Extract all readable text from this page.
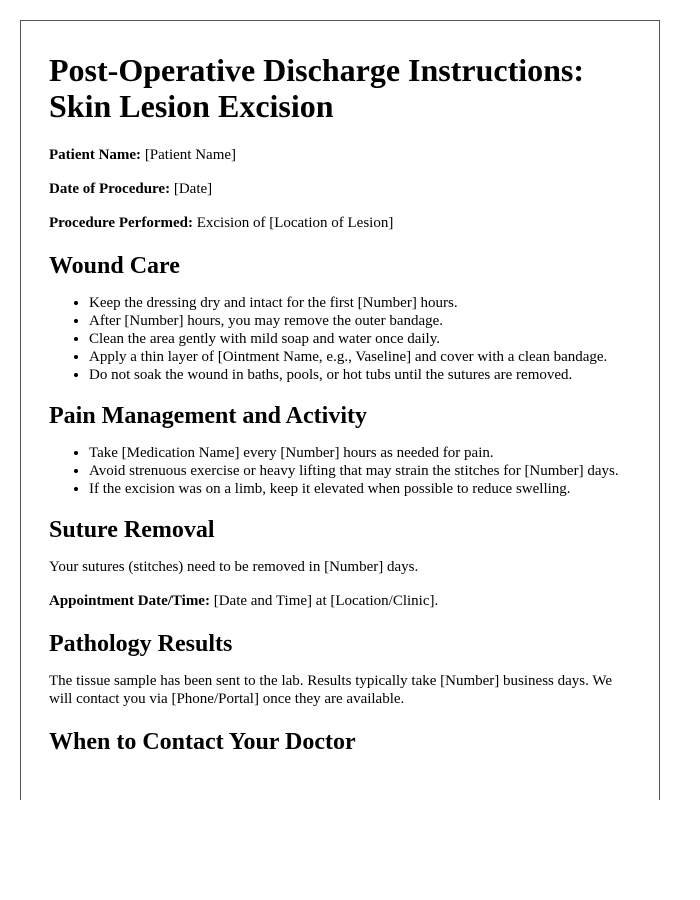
Post-Operative Discharge Instructions: Skin Lesion Excision

Patient Name: [Patient Name]

Date of Procedure: [Date]

Procedure Performed: Excision of [Location of Lesion]

Wound Care
• Keep the dressing dry and intact for the first [Number] hours.
• After [Number] hours, you may remove the outer bandage.
• Clean the area gently with mild soap and water once daily.
• Apply a thin layer of [Ointment Name, e.g., Vaseline] and cover with a clean bandage.
• Do not soak the wound in baths, pools, or hot tubs until the sutures are removed.
Pain Management and Activity
• Take [Medication Name] every [Number] hours as needed for pain.
• Avoid strenuous exercise or heavy lifting that may strain the stitches for [Number] days.
• If the excision was on a limb, keep it elevated when possible to reduce swelling.
Suture Removal

Your sutures (stitches) need to be removed in [Number] days.

Appointment Date/Time: [Date and Time] at [Location/Clinic].

Pathology Results

The tissue sample has been sent to the lab. Results typically take [Number] business days. We will contact you via [Phone/Portal] once they are available.

When to Contact Your Doctor
